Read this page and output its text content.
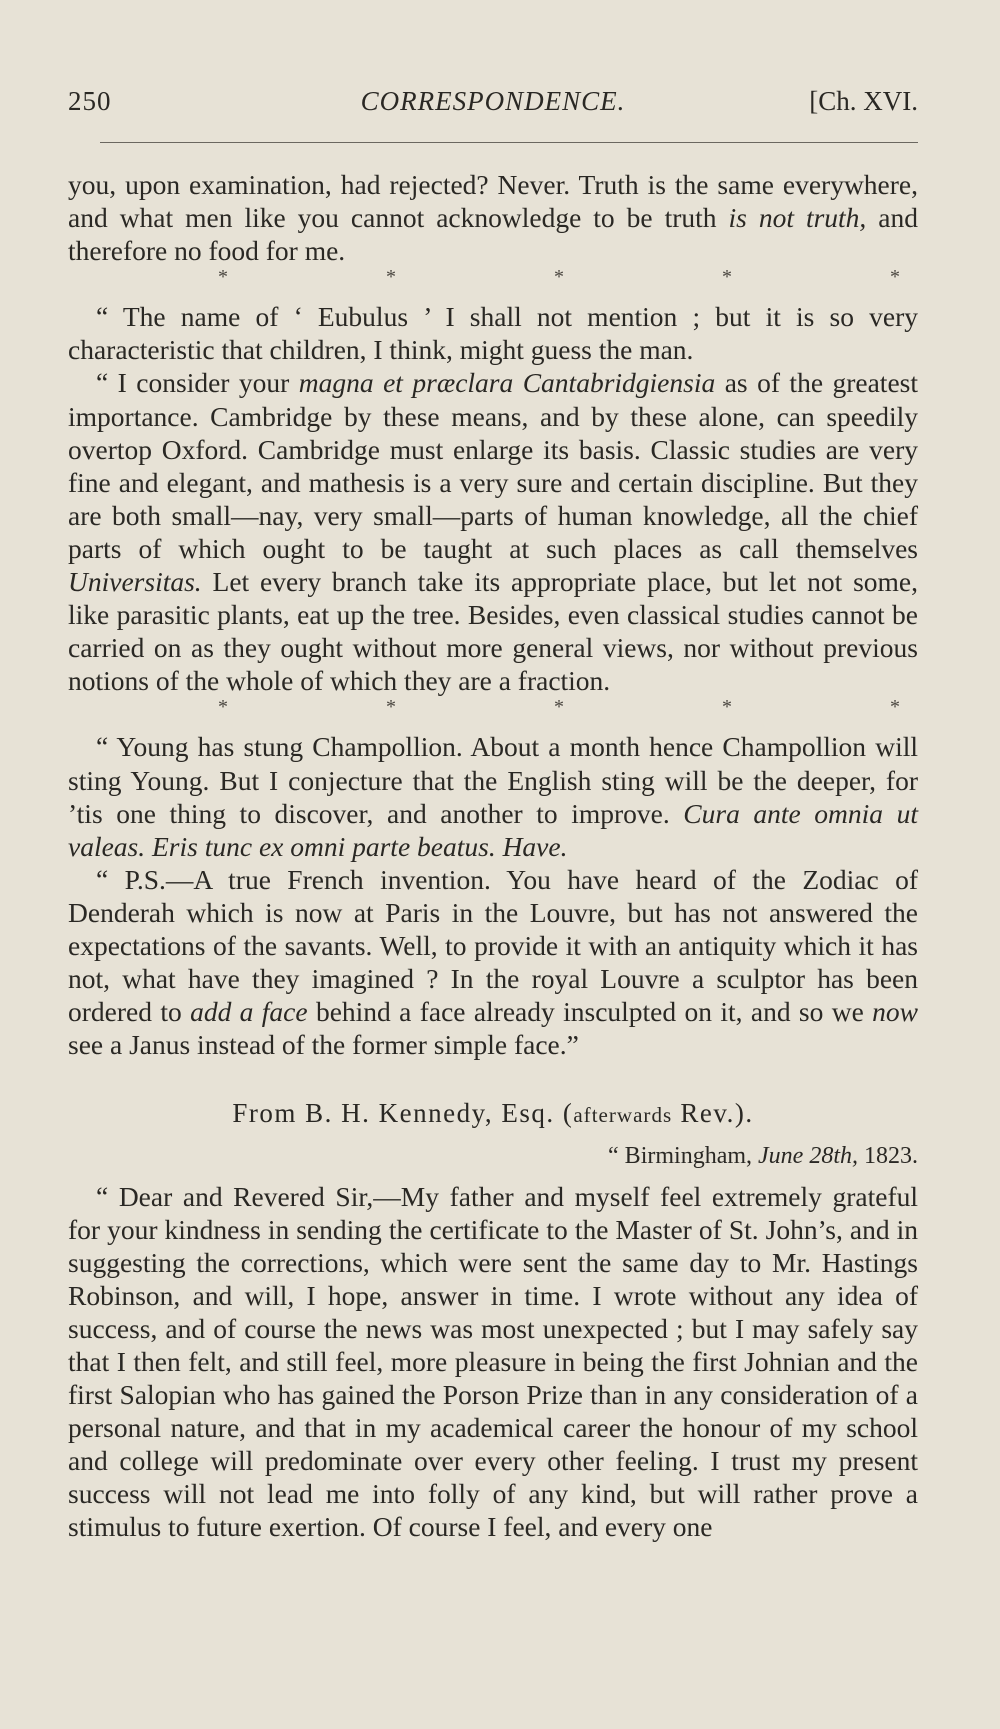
250	CORRESPONDENCE.	[Ch. XVI.

you, upon examination, had rejected? Never. Truth is the same everywhere, and what men like you cannot acknowledge to be truth is not truth, and therefore no food for me.

*	*	*	*	*

“ The name of ‘ Eubulus ’ I shall not mention ; but it is so very characteristic that children, I think, might guess the man.

“ I consider your magna et præclara Cantabridgiensia as of the greatest importance. Cambridge by these means, and by these alone, can speedily overtop Oxford. Cambridge must enlarge its basis. Classic studies are very fine and elegant, and mathesis is a very sure and certain discipline. But they are both small—nay, very small—parts of human knowledge, all the chief parts of which ought to be taught at such places as call themselves Universitas. Let every branch take its appropriate place, but let not some, like parasitic plants, eat up the tree. Besides, even classical studies cannot be carried on as they ought without more general views, nor without previous notions of the whole of which they are a fraction.

*	*	*	*	*

“ Young has stung Champollion. About a month hence Champollion will sting Young. But I conjecture that the English sting will be the deeper, for ’tis one thing to discover, and another to improve. Cura ante omnia ut valeas. Eris tunc ex omni parte beatus. Have.

“ P.S.—A true French invention. You have heard of the Zodiac of Denderah which is now at Paris in the Louvre, but has not answered the expectations of the savants. Well, to provide it with an antiquity which it has not, what have they imagined ? In the royal Louvre a sculptor has been ordered to add a face behind a face already insculpted on it, and so we now see a Janus instead of the former simple face.”

From B. H. Kennedy, Esq. (afterwards Rev.).
“ Birmingham, June 28th, 1823.

“ Dear and Revered Sir,—My father and myself feel extremely grateful for your kindness in sending the certificate to the Master of St. John’s, and in suggesting the corrections, which were sent the same day to Mr. Hastings Robinson, and will, I hope, answer in time. I wrote without any idea of success, and of course the news was most unexpected ; but I may safely say that I then felt, and still feel, more pleasure in being the first Johnian and the first Salopian who has gained the Porson Prize than in any consideration of a personal nature, and that in my academical career the honour of my school and college will predominate over every other feeling. I trust my present success will not lead me into folly of any kind, but will rather prove a stimulus to future exertion. Of course I feel, and every one
